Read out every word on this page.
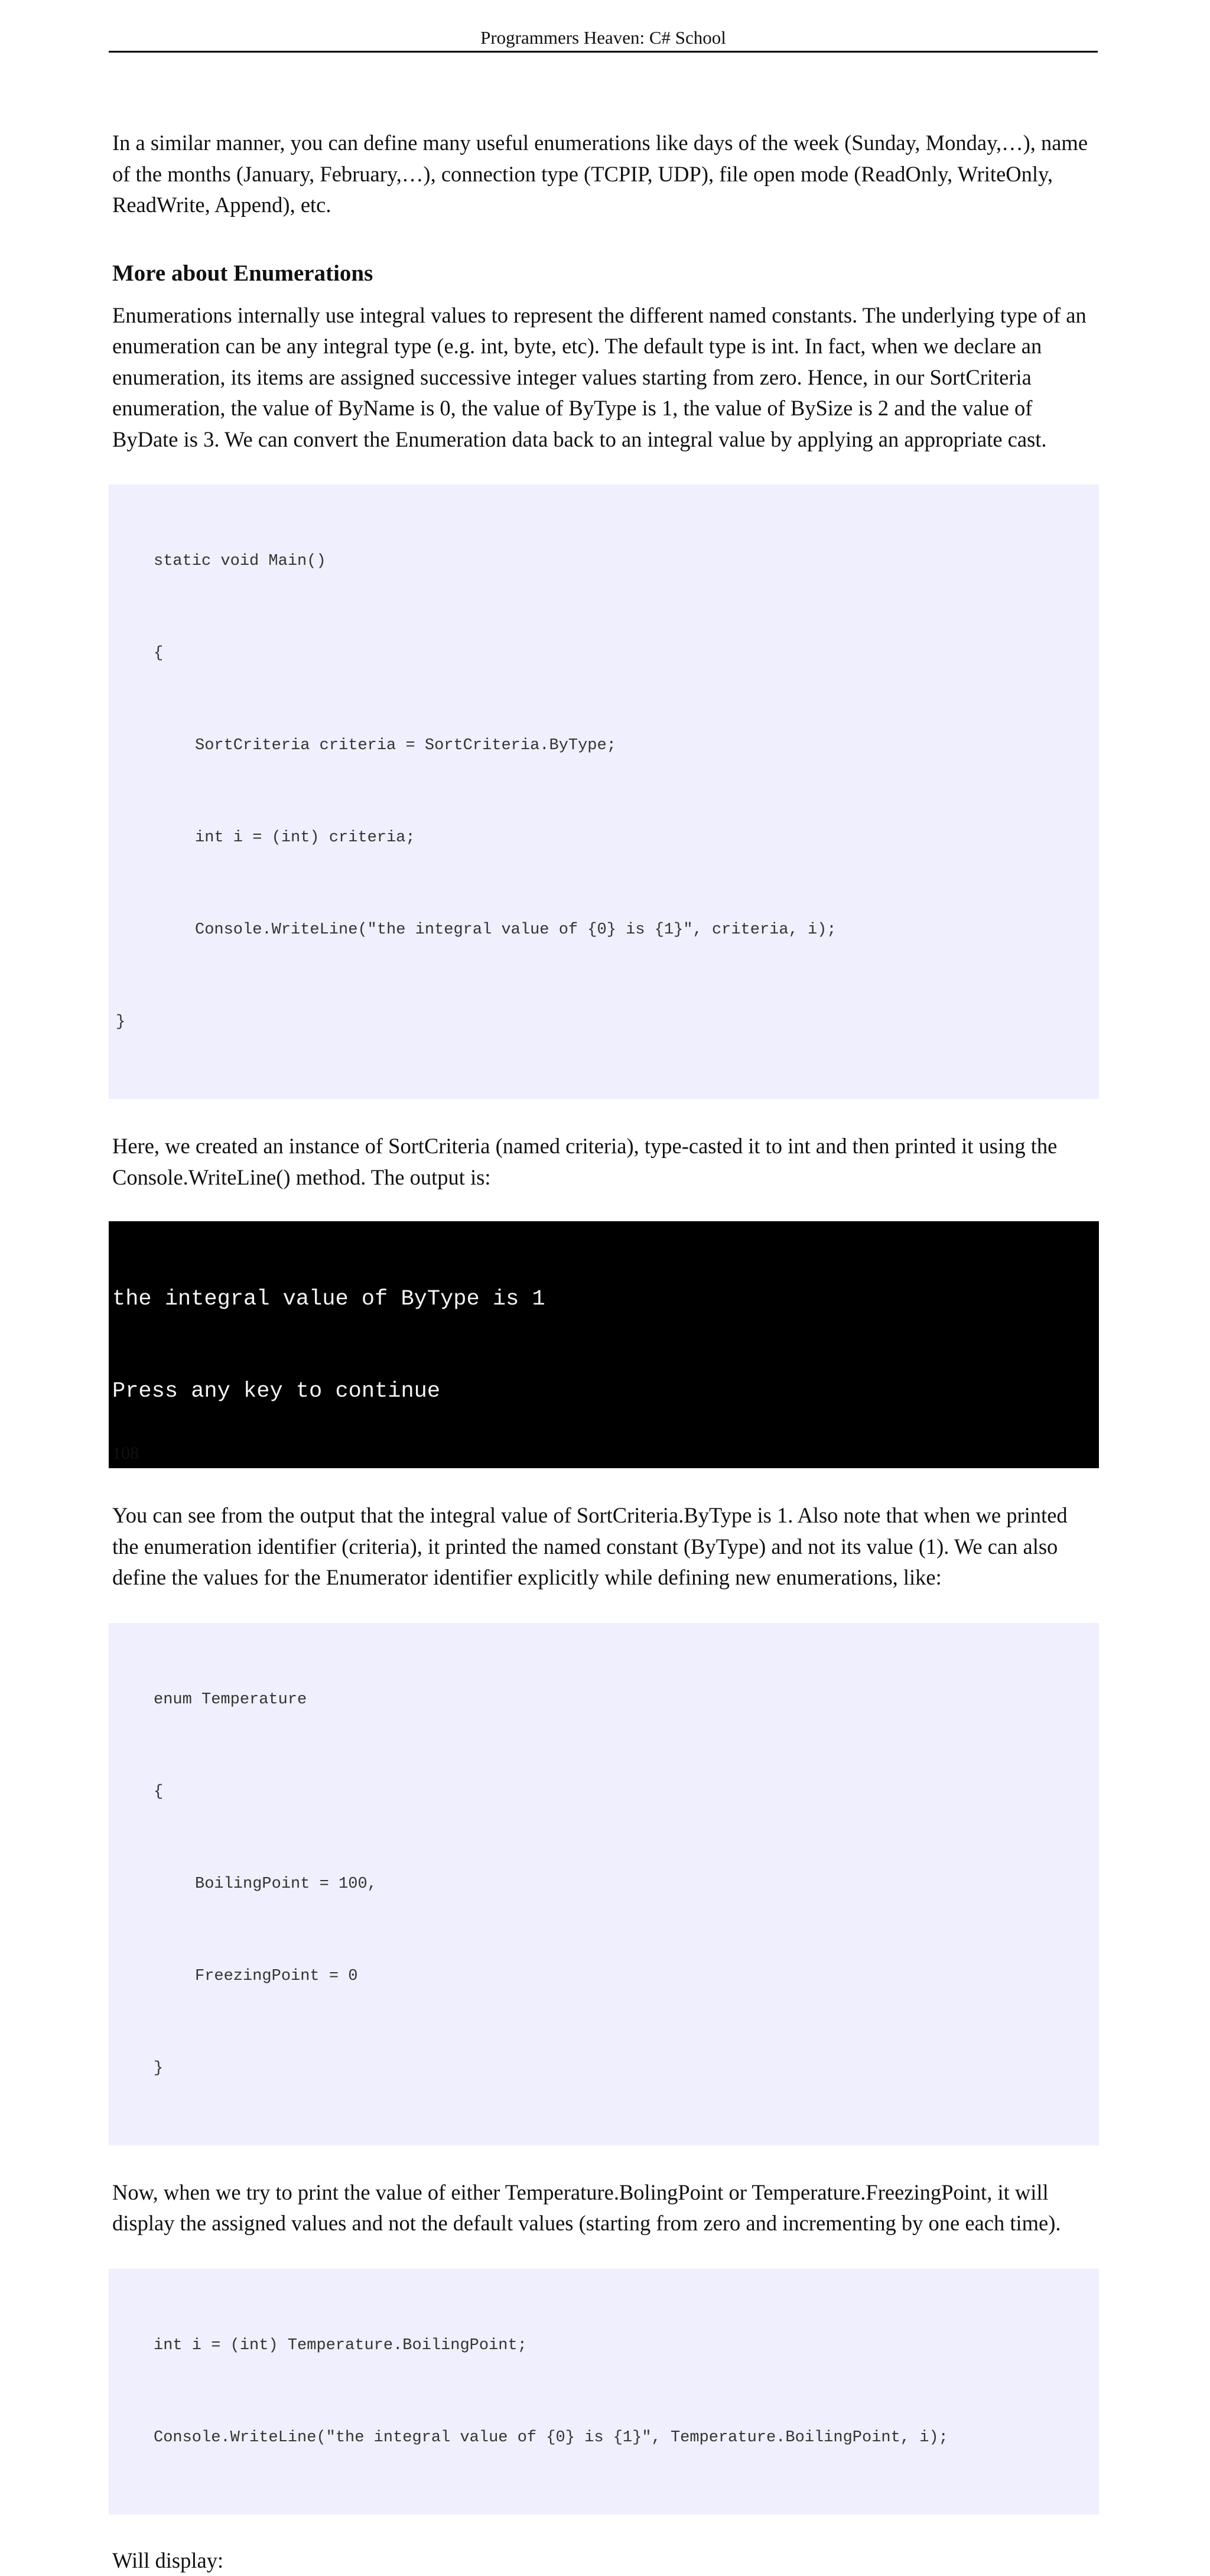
Programmers Heaven: C# School

In a similar manner, you can define many useful enumerations like days of the week (Sunday, Monday,…), name of the months (January, February,…), connection type (TCPIP, UDP), file open mode (ReadOnly, WriteOnly, ReadWrite, Append), etc.

More about Enumerations

Enumerations internally use integral values to represent the different named constants. The underlying type of an enumeration can be any integral type (e.g. int, byte, etc). The default type is int. In fact, when we declare an enumeration, its items are assigned successive integer values starting from zero. Hence, in our SortCriteria enumeration, the value of ByName is 0, the value of ByType is 1, the value of BySize is 2 and the value of ByDate is 3. We can convert the Enumeration data back to an integral value by applying an appropriate cast.

static void Main()

{

SortCriteria criteria = SortCriteria.ByType;

int i = (int) criteria;

Console.WriteLine("the integral value of {0} is {1}", criteria, i);

}

Here, we created an instance of SortCriteria (named criteria), type-casted it to int and then printed it using the Console.WriteLine() method. The output is:

the integral value of ByType is 1

Press any key to continue

You can see from the output that the integral value of SortCriteria.ByType is 1. Also note that when we printed the enumeration identifier (criteria), it printed the named constant (ByType) and not its value (1). We can also define the values for the Enumerator identifier explicitly while defining new enumerations, like:

enum Temperature

{

BoilingPoint = 100,

FreezingPoint = 0

}

Now, when we try to print the value of either Temperature.BolingPoint or Temperature.FreezingPoint, it will display the assigned values and not the default values (starting from zero and incrementing by one each time).

int i = (int) Temperature.BoilingPoint;

Console.WriteLine("the integral value of {0} is {1}", Temperature.BoilingPoint, i);

Will display:

108
